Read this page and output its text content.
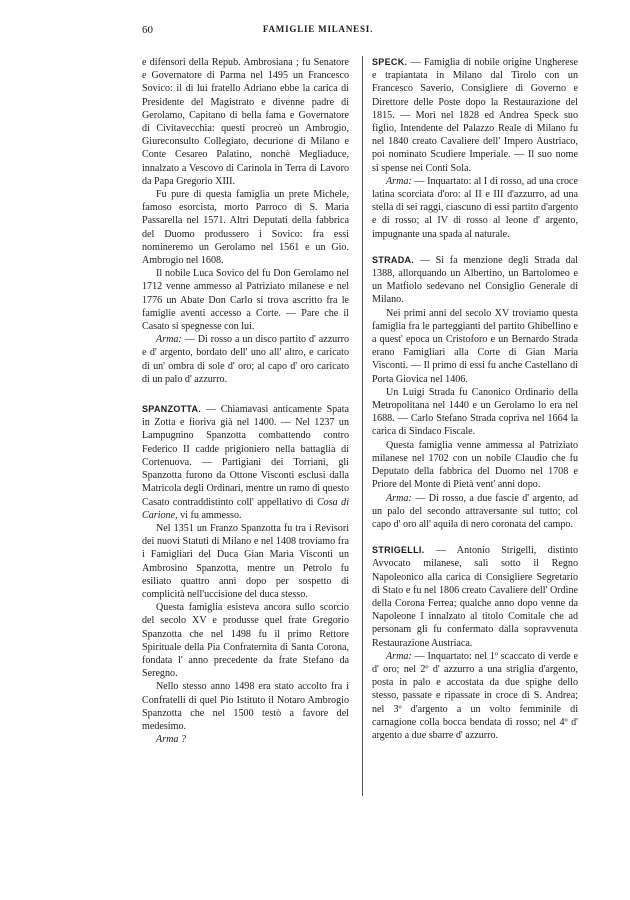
60	FAMIGLIE MILANESI.

e difensori della Repub. Ambrosiana ; fu Senatore e Governatore di Parma nel 1495 un Francesco Sovico: il di lui fratello Adriano ebbe la carica di Presidente del Magistrato e divenne padre di Gerolamo, Capitano di bella fama e Governatore di Civitavecchia: questi procreò un Ambrogio, Giureconsulto Collegiato, decurione di Milano e Conte Cesareo Palatino, nonchè Megliaduce, innalzato a Vescovo di Carinola in Terra di Lavoro da Papa Gregorio XIII.

Fu pure di questa famiglia un prete Michele, famoso esorcista, morto Parroco di S. Maria Passarella nel 1571. Altri Deputati della fabbrica del Duomo produssero i Sovico: fra essi nomineremo un Gerolamo nel 1561 e un Gio. Ambrogio nel 1608.

Il nobile Luca Sovico del fu Don Gerolamo nel 1712 venne ammesso al Patriziato milanese e nel 1776 un Abate Don Carlo si trova ascritto fra le famiglie aventi accesso a Corte. — Pare che il Casato si spegnesse con lui.

Arma: — Di rosso a un disco partito d' azzurro e d' argento, bordato dell' uno all' altro, e caricato di un' ombra di sole d' oro; al capo d' oro caricato di un palo d' azzurro.

SPANZOTTA. — Chiamavasi anticamente Spata in Zotta e fioriva già nel 1400. — Nel 1237 un Lampugnino Spanzotta combattendo contro Federico II cadde prigioniero nella battaglia di Cortenuova. — Partigiani dei Torriani, gli Spanzotta furono da Ottone Visconti esclusi dalla Matricola degli Ordinari, mentre un ramo di questo Casato contraddistinto coll' appellativo di Cosa di Carione, vi fu ammesso.

Nel 1351 un Franzo Spanzotta fu tra i Revisori dei nuovi Statuti di Milano e nel 1408 troviamo fra i Famigliari del Duca Gian Maria Visconti un Ambrosino Spanzotta, mentre un Petrolo fu esiliato quattro anni dopo per sospetto di complicità nell'uccisione del duca stesso.

Questa famiglia esisteva ancora sullo scorcio del secolo XV e produsse quel frate Gregorio Spanzotta che nel 1498 fu il primo Rettore Spirituale della Pia Confraternita di Santa Corona, fondata l' anno precedente da frate Stefano da Seregno.

Nello stesso anno 1498 era stato accolto fra i Confratelli di quel Pio Istituto il Notaro Ambrogio Spanzotta che nel 1500 testò a favore del medesimo.

Arma ?

SPECK. — Famiglia di nobile origine Ungherese e trapiantata in Milano dal Tirolo con un Francesco Saverio, Consigliere di Governo e Direttore delle Poste dopo la Restaurazione del 1815. — Morì nel 1828 ed Andrea Speck suo figlio, Intendente del Palazzo Reale di Milano fu nel 1840 creato Cavaliere dell' Impero Austriaco, poi nominato Scudiere Imperiale. — Il suo nome si spense nei Conti Sola.

Arma: — Inquartato: al I di rosso, ad una croce latina scorciata d'oro: al II e III d'azzurro, ad una stella di sei raggi, ciascuno di essi partito d'argento e di rosso; al IV di rosso al leone d' argento, impugnante una spada al naturale.

STRADA. — Si fa menzione degli Strada dal 1388, allorquando un Albertino, un Bartolomeo e un Matfiolo sedevano nel Consiglio Generale di Milano.

Nei primi anni del secolo XV troviamo questa famiglia fra le parteggianti del partito Ghibellino e a quest' epoca un Cristoforo e un Bernardo Strada erano Famigliari alla Corte di Gian Maria Visconti. — Il primo di essi fu anche Castellano di Porta Giovica nel 1406.

Un Luigi Strada fu Canonico Ordinario della Metropolitana nel 1440 e un Gerolamo lo era nel 1688. — Carlo Stefano Strada copriva nel 1664 la carica di Sindaco Fiscale.

Questa famiglia venne ammessa al Patriziato milanese nel 1702 con un nobile Claudio che fu Deputato della fabbrica del Duomo nel 1708 e Priore del Monte di Pietà vent' anni dopo.

Arma: — Di rosso, a due fascie d' argento, ad un palo del secondo attraversante sul tutto; col capo d' oro all' aquila di nero coronata del campo.

STRIGELLI. — Antonio Strigelli, distinto Avvocato milanese, salì sotto il Regno Napoleonico alla carica di Consigliere Segretario di Stato e fu nel 1806 creato Cavaliere dell' Ordine della Corona Ferrea; qualche anno dopo venne da Napoleone I innalzato al titolo Comitale che ad personam gli fu confermato dalla sopravvenuta Restaurazione Austriaca.

Arma: — Inquartato: nel 1º scaccato di verde e d' oro; nel 2º d' azzurro a una striglia d'argento, posta in palo e accostata da due spighe dello stesso, passate e ripassate in croce di S. Andrea; nel 3º d'argento a un volto femminile di carnagione colla bocca bendata di rosso; nel 4º d' argento a due sbarre d' azzurro.
